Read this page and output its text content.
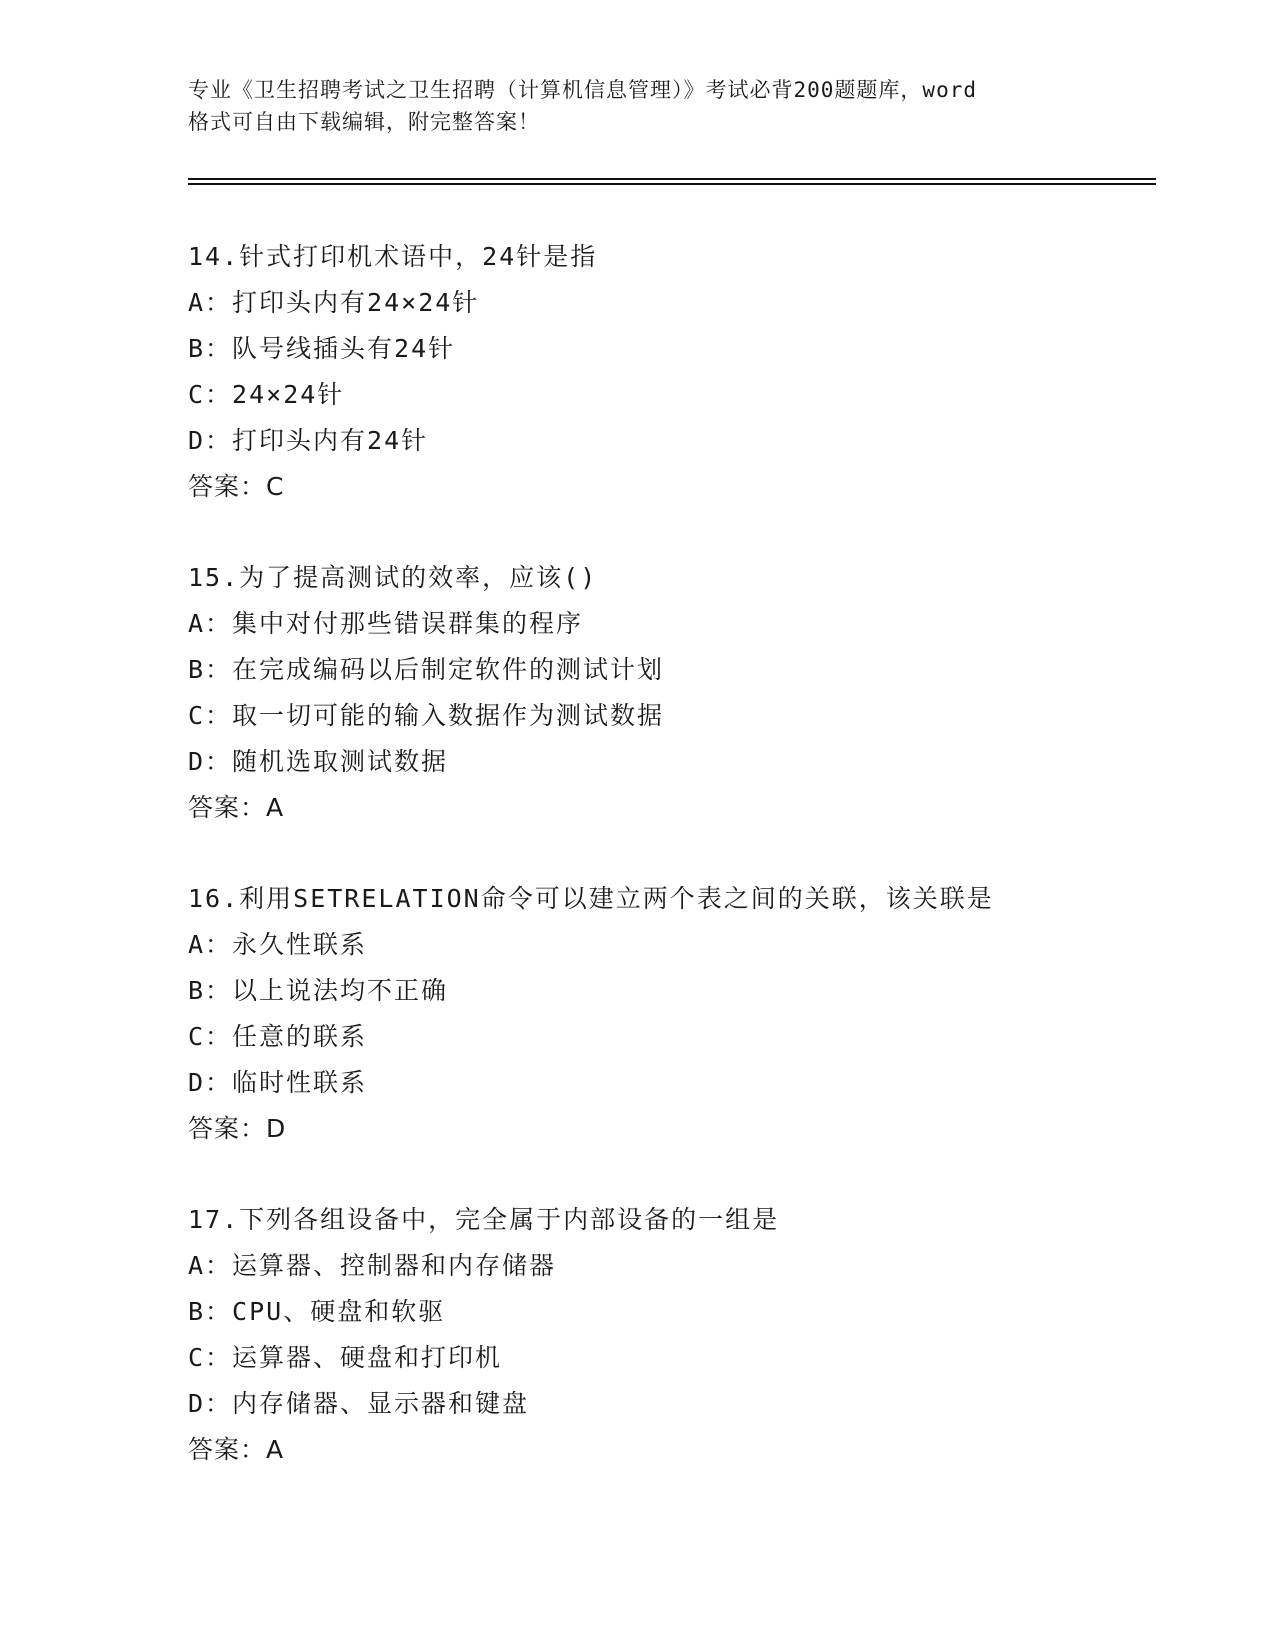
专业《卫生招聘考试之卫生招聘（计算机信息管理）》考试必背200题题库，word
格式可自由下载编辑，附完整答案！
14.针式打印机术语中，24针是指
A：打印头内有24×24针
B：队号线插头有24针
C：24×24针
D：打印头内有24针
答案：C
15.为了提高测试的效率，应该()
A：集中对付那些错误群集的程序
B：在完成编码以后制定软件的测试计划
C：取一切可能的输入数据作为测试数据
D：随机选取测试数据
答案：A
16.利用SETRELATION命令可以建立两个表之间的关联，该关联是
A：永久性联系
B：以上说法均不正确
C：任意的联系
D：临时性联系
答案：D
17.下列各组设备中，完全属于内部设备的一组是
A：运算器、控制器和内存储器
B：CPU、硬盘和软驱
C：运算器、硬盘和打印机
D：内存储器、显示器和键盘
答案：A
